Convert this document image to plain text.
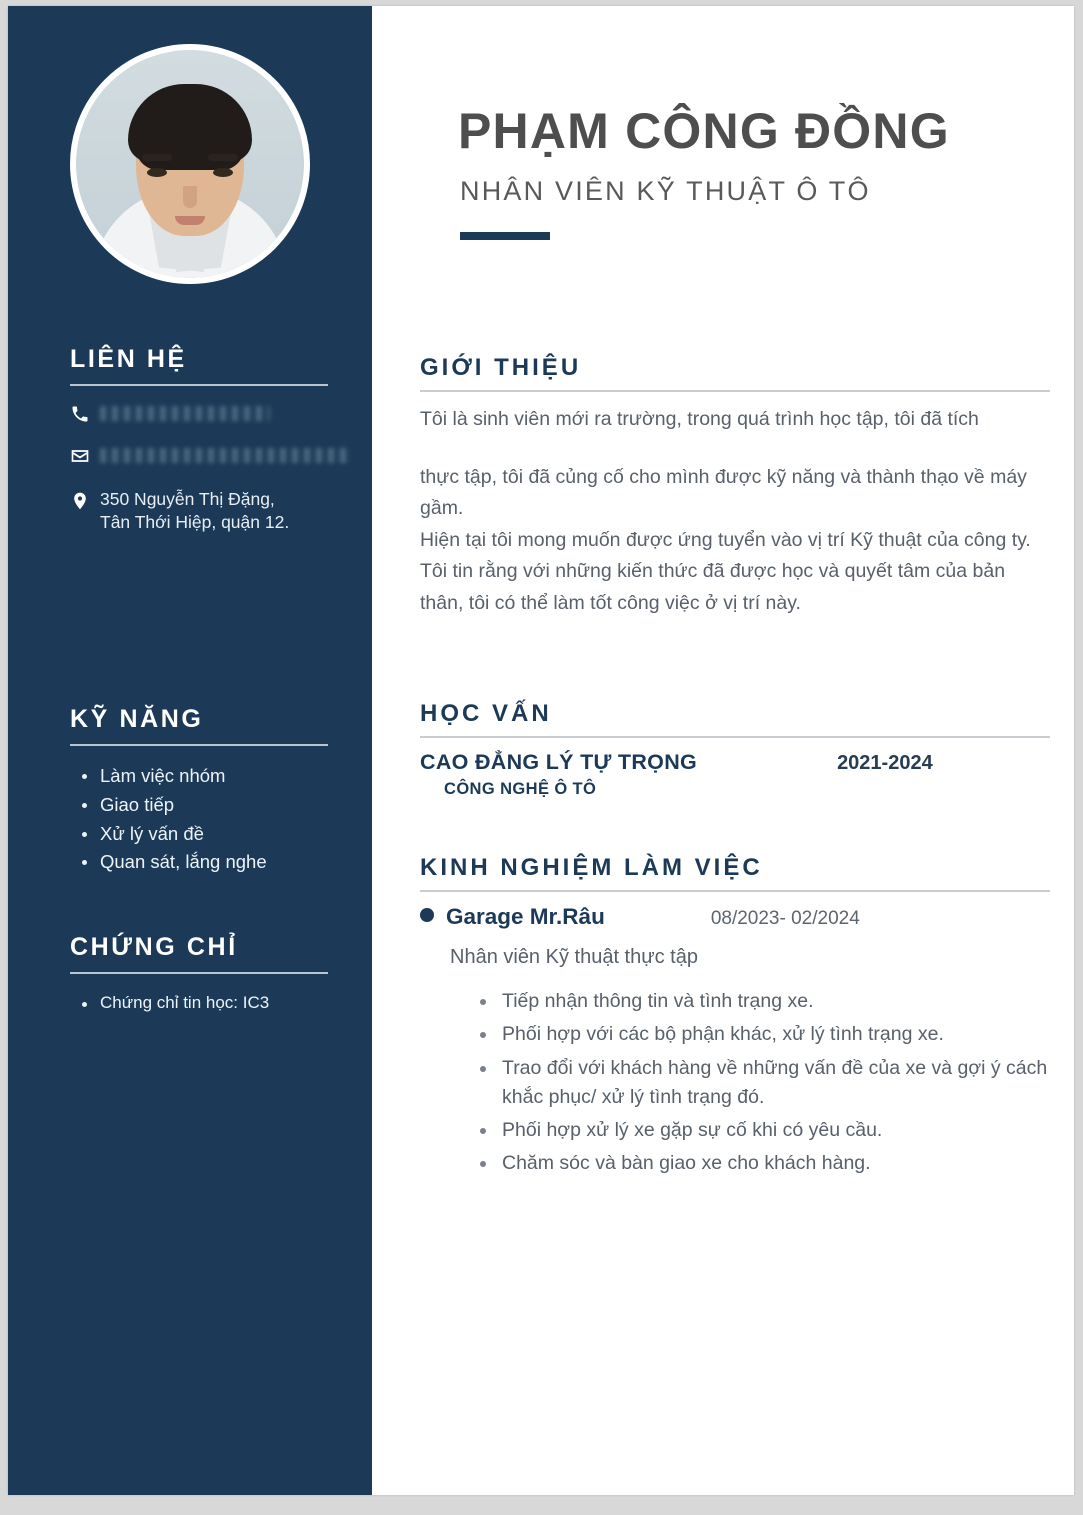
LIÊN HỆ
350 Nguyễn Thị Đặng,
Tân Thới Hiệp, quận 12.
KỸ NĂNG
Làm việc nhóm
Giao tiếp
Xử lý vấn đề
Quan sát, lắng nghe
CHỨNG CHỈ
Chứng chỉ tin học: IC3
PHẠM CÔNG ĐỒNG
NHÂN VIÊN KỸ THUẬT Ô TÔ
GIỚI THIỆU

Tôi là sinh viên mới ra trường, trong quá trình học tập, tôi đã tích

thực tập, tôi đã củng cố cho mình được kỹ năng và thành thạo về máy gầm.

Hiện tại tôi mong muốn được ứng tuyển vào vị trí Kỹ thuật của công ty.

Tôi tin rằng với những kiến thức đã được học và quyết tâm của bản thân, tôi có thể làm tốt công việc ở vị trí này.

HỌC VẤN
CAO ĐẲNG LÝ TỰ TRỌNG	2021-2024
CÔNG NGHỆ Ô TÔ
KINH NGHIỆM LÀM VIỆC
Garage Mr.Râu	08/2023- 02/2024
Nhân viên Kỹ thuật thực tập
Tiếp nhận thông tin và tình trạng xe.
Phối hợp với các bộ phận khác, xử lý tình trạng xe.
Trao đổi với khách hàng về những vấn đề của xe và gợi ý cách khắc phục/ xử lý tình trạng đó.
Phối hợp xử lý xe gặp sự cố khi có yêu cầu.
Chăm sóc và bàn giao xe cho khách hàng.
